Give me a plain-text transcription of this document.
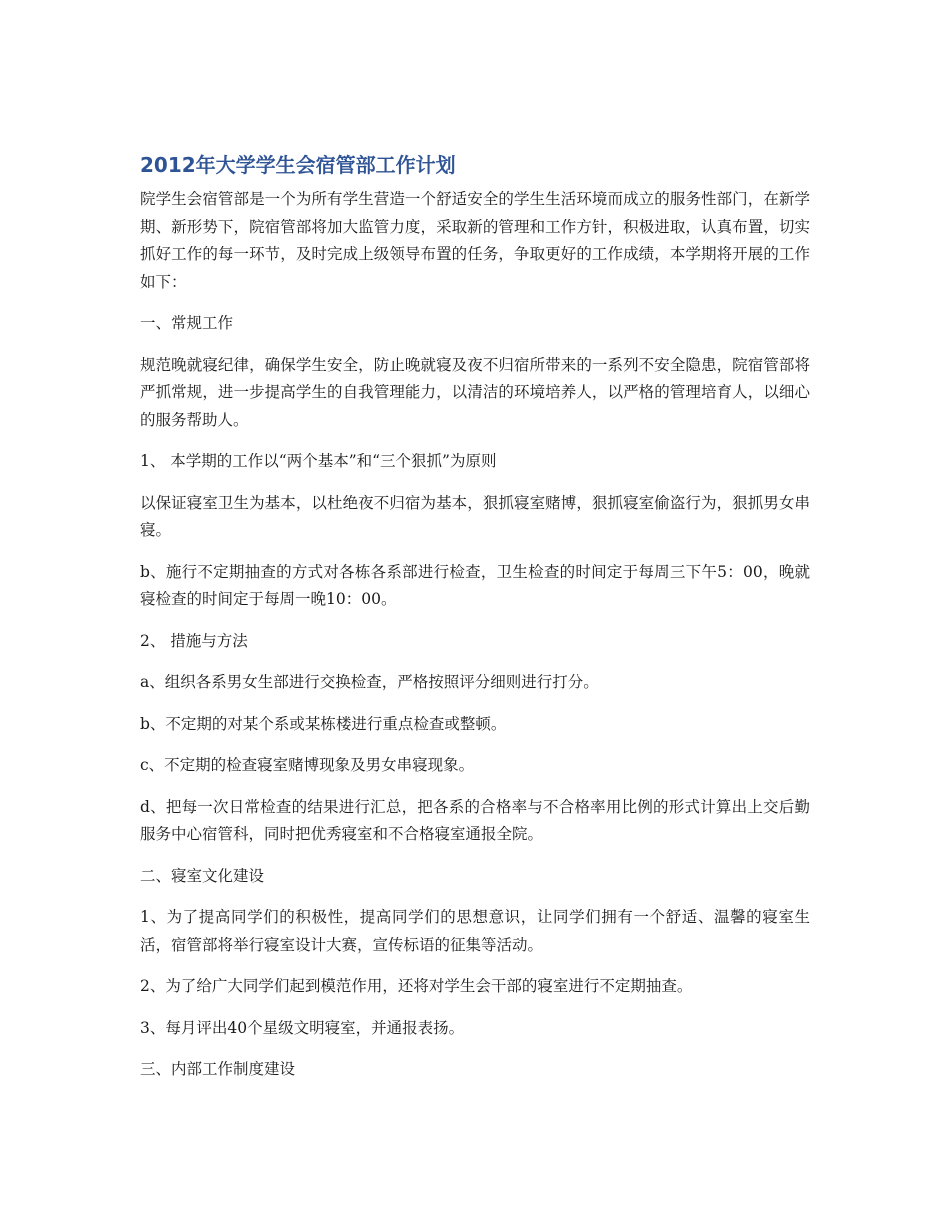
2012年大学学生会宿管部工作计划

院学生会宿管部是一个为所有学生营造一个舒适安全的学生生活环境而成立的服务性部门，在新学期、新形势下，院宿管部将加大监管力度，采取新的管理和工作方针，积极进取，认真布置，切实抓好工作的每一环节，及时完成上级领导布置的任务，争取更好的工作成绩，本学期将开展的工作如下：

一、常规工作

规范晚就寝纪律，确保学生安全，防止晚就寝及夜不归宿所带来的一系列不安全隐患，院宿管部将严抓常规，进一步提高学生的自我管理能力，以清洁的环境培养人，以严格的管理培育人，以细心的服务帮助人。

1、 本学期的工作以“两个基本”和“三个狠抓”为原则

以保证寝室卫生为基本，以杜绝夜不归宿为基本，狠抓寝室赌博，狠抓寝室偷盗行为，狠抓男女串寝。

b、施行不定期抽查的方式对各栋各系部进行检查，卫生检查的时间定于每周三下午5：00，晚就寝检查的时间定于每周一晚10：00。

2、 措施与方法

a、组织各系男女生部进行交换检查，严格按照评分细则进行打分。

b、不定期的对某个系或某栋楼进行重点检查或整顿。

c、不定期的检查寝室赌博现象及男女串寝现象。

d、把每一次日常检查的结果进行汇总，把各系的合格率与不合格率用比例的形式计算出上交后勤服务中心宿管科，同时把优秀寝室和不合格寝室通报全院。

二、寝室文化建设

1、为了提高同学们的积极性，提高同学们的思想意识，让同学们拥有一个舒适、温馨的寝室生活，宿管部将举行寝室设计大赛，宣传标语的征集等活动。

2、为了给广大同学们起到模范作用，还将对学生会干部的寝室进行不定期抽查。

3、每月评出40个星级文明寝室，并通报表扬。

三、内部工作制度建设
